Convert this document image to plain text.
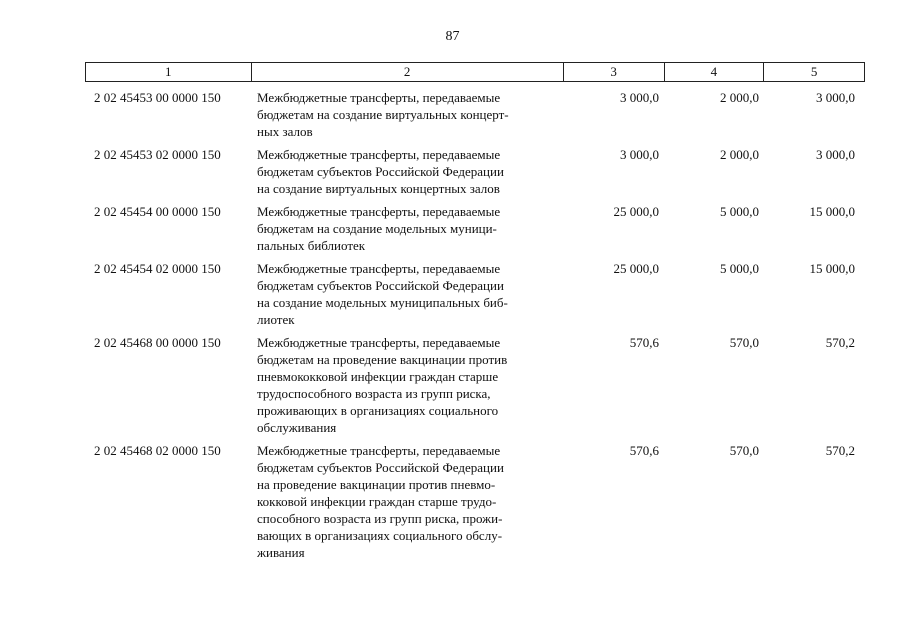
87
1	2	3	4	5
2 02 45453 00 0000 150	Межбюджетные трансферты, передаваемые
бюджетам на создание виртуальных концерт-
ных залов
3 000,0	2 000,0	3 000,0
2 02 45453 02 0000 150	Межбюджетные трансферты, передаваемые
бюджетам субъектов Российской Федерации
на создание виртуальных концертных залов
3 000,0	2 000,0	3 000,0
2 02 45454 00 0000 150	Межбюджетные трансферты, передаваемые
бюджетам на создание модельных муници-
пальных библиотек
25 000,0	5 000,0	15 000,0
2 02 45454 02 0000 150	Межбюджетные трансферты, передаваемые
бюджетам субъектов Российской Федерации
на создание модельных муниципальных биб-
лиотек
25 000,0	5 000,0	15 000,0
2 02 45468 00 0000 150	Межбюджетные трансферты, передаваемые
бюджетам на проведение вакцинации против
пневмококковой инфекции граждан старше
трудоспособного возраста из групп риска,
проживающих в организациях социального
обслуживания
570,6	570,0	570,2
2 02 45468 02 0000 150	Межбюджетные трансферты, передаваемые
бюджетам субъектов Российской Федерации
на проведение вакцинации против пневмо-
кокковой инфекции граждан старше трудо-
способного возраста из групп риска, прожи-
вающих в организациях социального обслу-
живания
570,6	570,0	570,2
